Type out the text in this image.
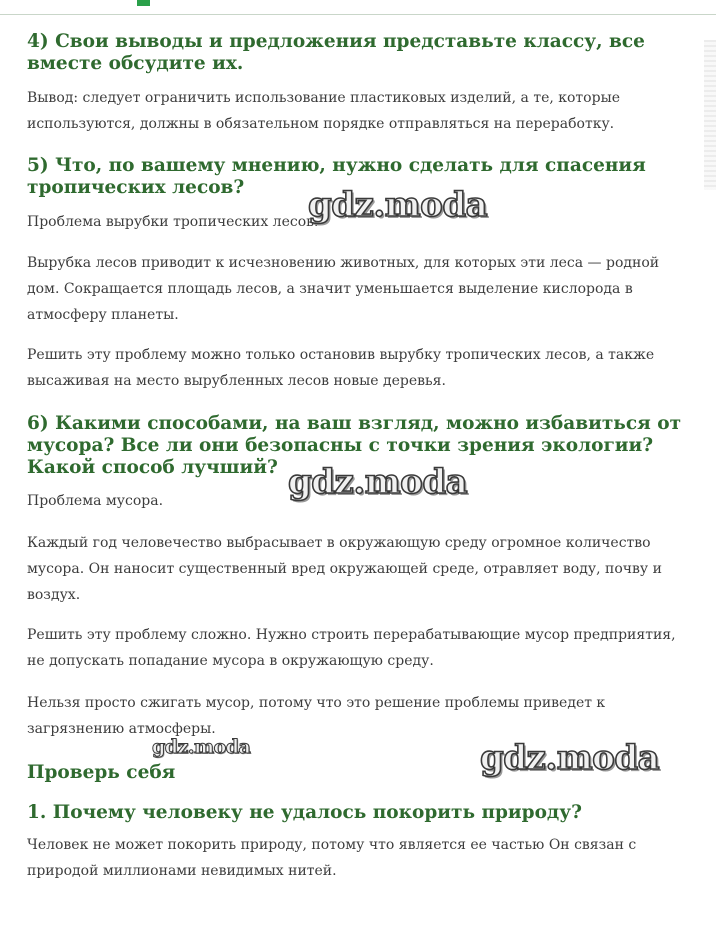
4) Свои выводы и предложения представьте классу, все вместе обсудите их.

Вывод: следует ограничить использование пластиковых изделий, а те, которые используются, должны в обязательном порядке отправляться на переработку.

5) Что, по вашему мнению, нужно сделать для спасения тропических лесов?

Проблема вырубки тропических лесов.

Вырубка лесов приводит к исчезновению животных, для которых эти леса — родной дом. Сокращается площадь лесов, а значит уменьшается выделение кислорода в атмосферу планеты.

Решить эту проблему можно только остановив вырубку тропических лесов, а также высаживая на место вырубленных лесов новые деревья.

6) Какими способами, на ваш взгляд, можно избавиться от мусора? Все ли они безопасны с точки зрения экологии? Какой способ лучший?

Проблема мусора.

Каждый год человечество выбрасывает в окружающую среду огромное количество мусора. Он наносит существенный вред окружающей среде, отравляет воду, почву и воздух.

Решить эту проблему сложно. Нужно строить перерабатывающие мусор предприятия, не допускать попадание мусора в окружающую среду.

Нельзя просто сжигать мусор, потому что это решение проблемы приведет к загрязнению атмосферы.

Проверь себя
1. Почему человеку не удалось покорить природу?

Человек не может покорить природу, потому что является ее частью Он связан с природой миллионами невидимых нитей.

gdz.moda
gdz.moda
gdz.moda	gdz.moda
